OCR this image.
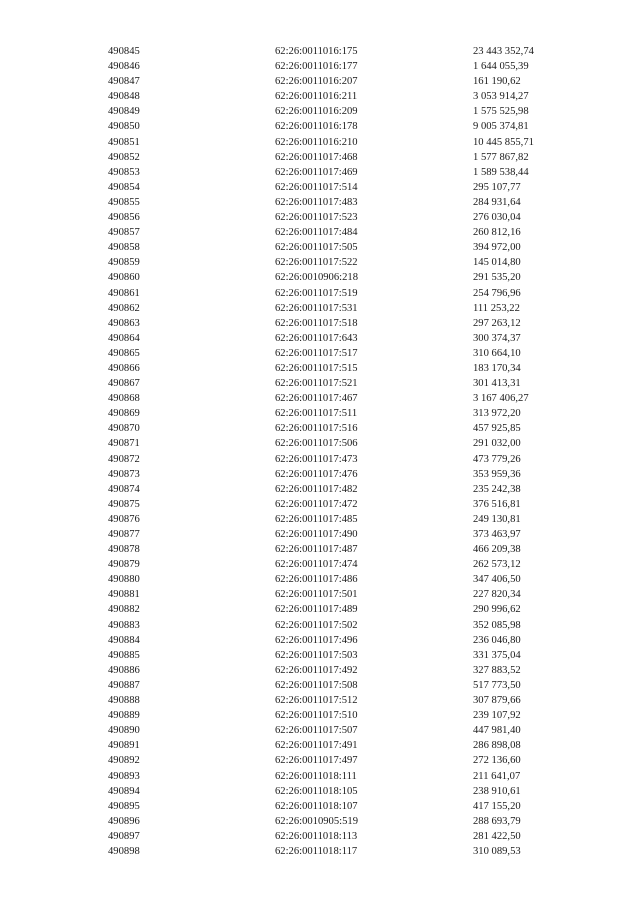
490845	62:26:0011016:175	23 443 352,74
490846	62:26:0011016:177	1 644 055,39
490847	62:26:0011016:207	161 190,62
490848	62:26:0011016:211	3 053 914,27
490849	62:26:0011016:209	1 575 525,98
490850	62:26:0011016:178	9 005 374,81
490851	62:26:0011016:210	10 445 855,71
490852	62:26:0011017:468	1 577 867,82
490853	62:26:0011017:469	1 589 538,44
490854	62:26:0011017:514	295 107,77
490855	62:26:0011017:483	284 931,64
490856	62:26:0011017:523	276 030,04
490857	62:26:0011017:484	260 812,16
490858	62:26:0011017:505	394 972,00
490859	62:26:0011017:522	145 014,80
490860	62:26:0010906:218	291 535,20
490861	62:26:0011017:519	254 796,96
490862	62:26:0011017:531	111 253,22
490863	62:26:0011017:518	297 263,12
490864	62:26:0011017:643	300 374,37
490865	62:26:0011017:517	310 664,10
490866	62:26:0011017:515	183 170,34
490867	62:26:0011017:521	301 413,31
490868	62:26:0011017:467	3 167 406,27
490869	62:26:0011017:511	313 972,20
490870	62:26:0011017:516	457 925,85
490871	62:26:0011017:506	291 032,00
490872	62:26:0011017:473	473 779,26
490873	62:26:0011017:476	353 959,36
490874	62:26:0011017:482	235 242,38
490875	62:26:0011017:472	376 516,81
490876	62:26:0011017:485	249 130,81
490877	62:26:0011017:490	373 463,97
490878	62:26:0011017:487	466 209,38
490879	62:26:0011017:474	262 573,12
490880	62:26:0011017:486	347 406,50
490881	62:26:0011017:501	227 820,34
490882	62:26:0011017:489	290 996,62
490883	62:26:0011017:502	352 085,98
490884	62:26:0011017:496	236 046,80
490885	62:26:0011017:503	331 375,04
490886	62:26:0011017:492	327 883,52
490887	62:26:0011017:508	517 773,50
490888	62:26:0011017:512	307 879,66
490889	62:26:0011017:510	239 107,92
490890	62:26:0011017:507	447 981,40
490891	62:26:0011017:491	286 898,08
490892	62:26:0011017:497	272 136,60
490893	62:26:0011018:111	211 641,07
490894	62:26:0011018:105	238 910,61
490895	62:26:0011018:107	417 155,20
490896	62:26:0010905:519	288 693,79
490897	62:26:0011018:113	281 422,50
490898	62:26:0011018:117	310 089,53
